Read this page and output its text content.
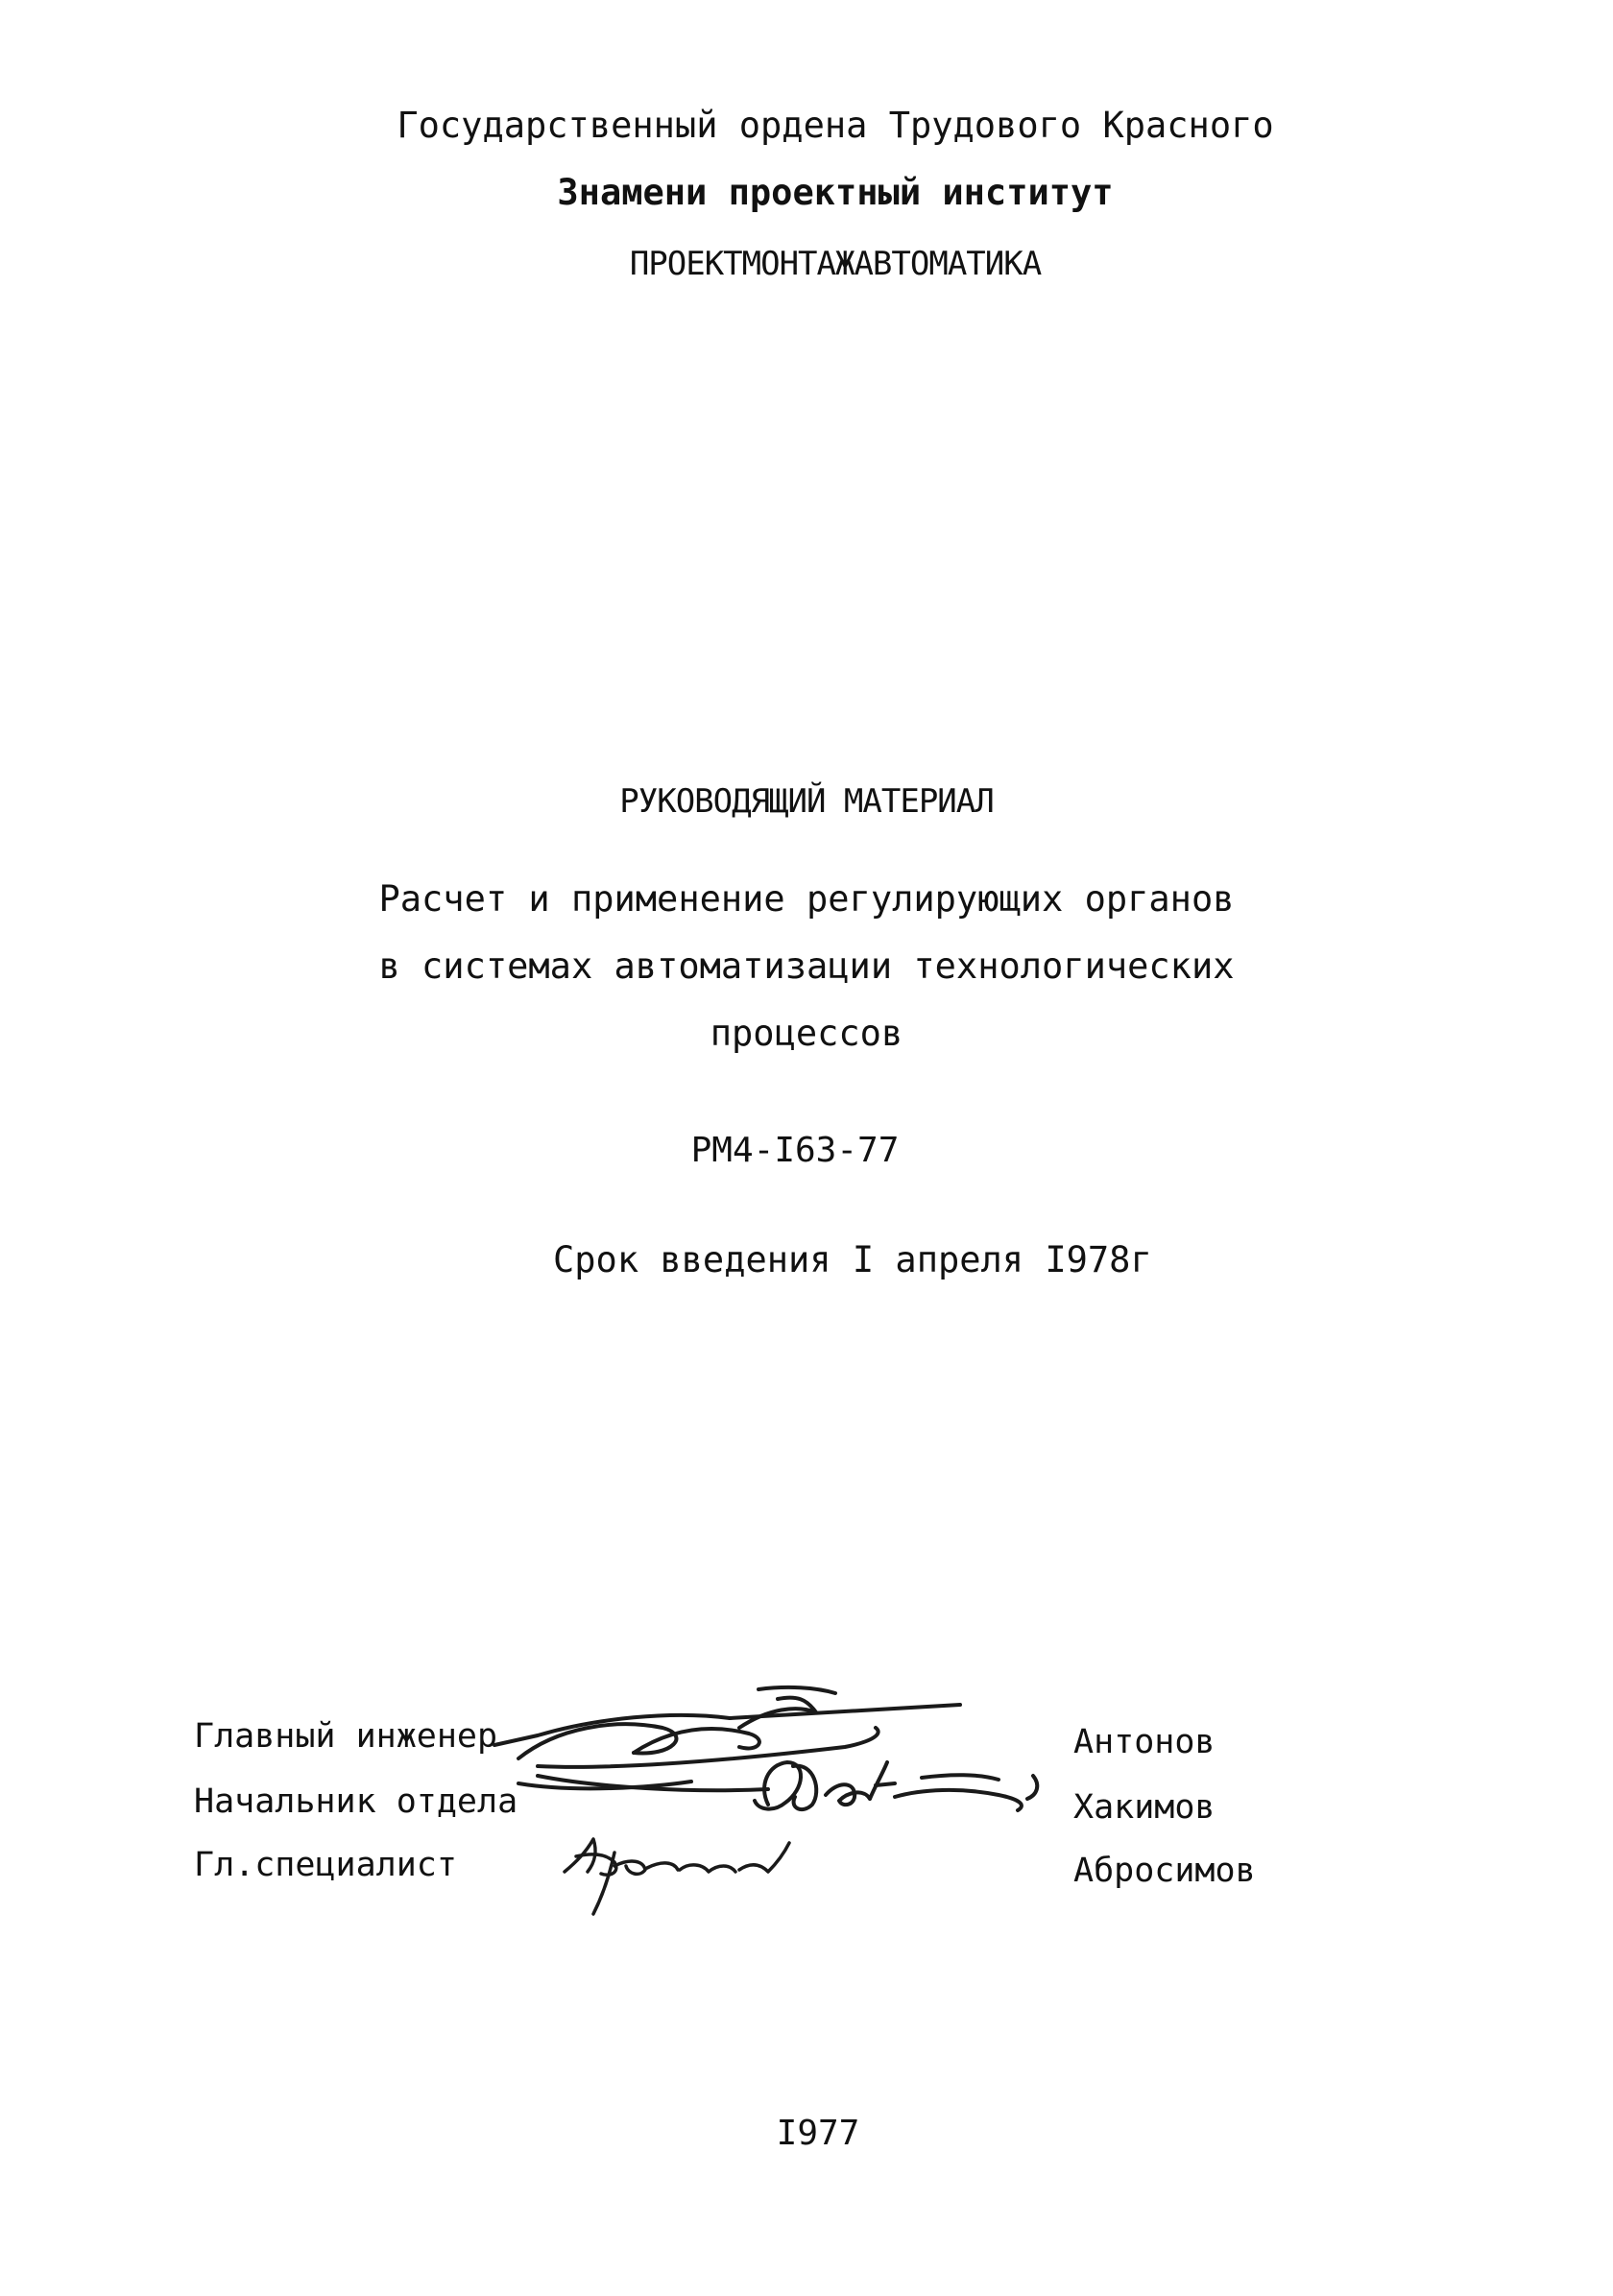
Государственный ордена Трудового Красного
Знамени проектный институт
ПРОЕКТМОНТАЖАВТОМАТИКА
РУКОВОДЯЩИЙ МАТЕРИАЛ
Расчет и применение регулирующих органов
в системах автоматизации технологических
процессов
РМ4-I63-77
Срок введения I апреля I978г
Главный инженер	Антонов
Начальник отдела	Хакимов
Гл.специалист	Абросимов
I977
